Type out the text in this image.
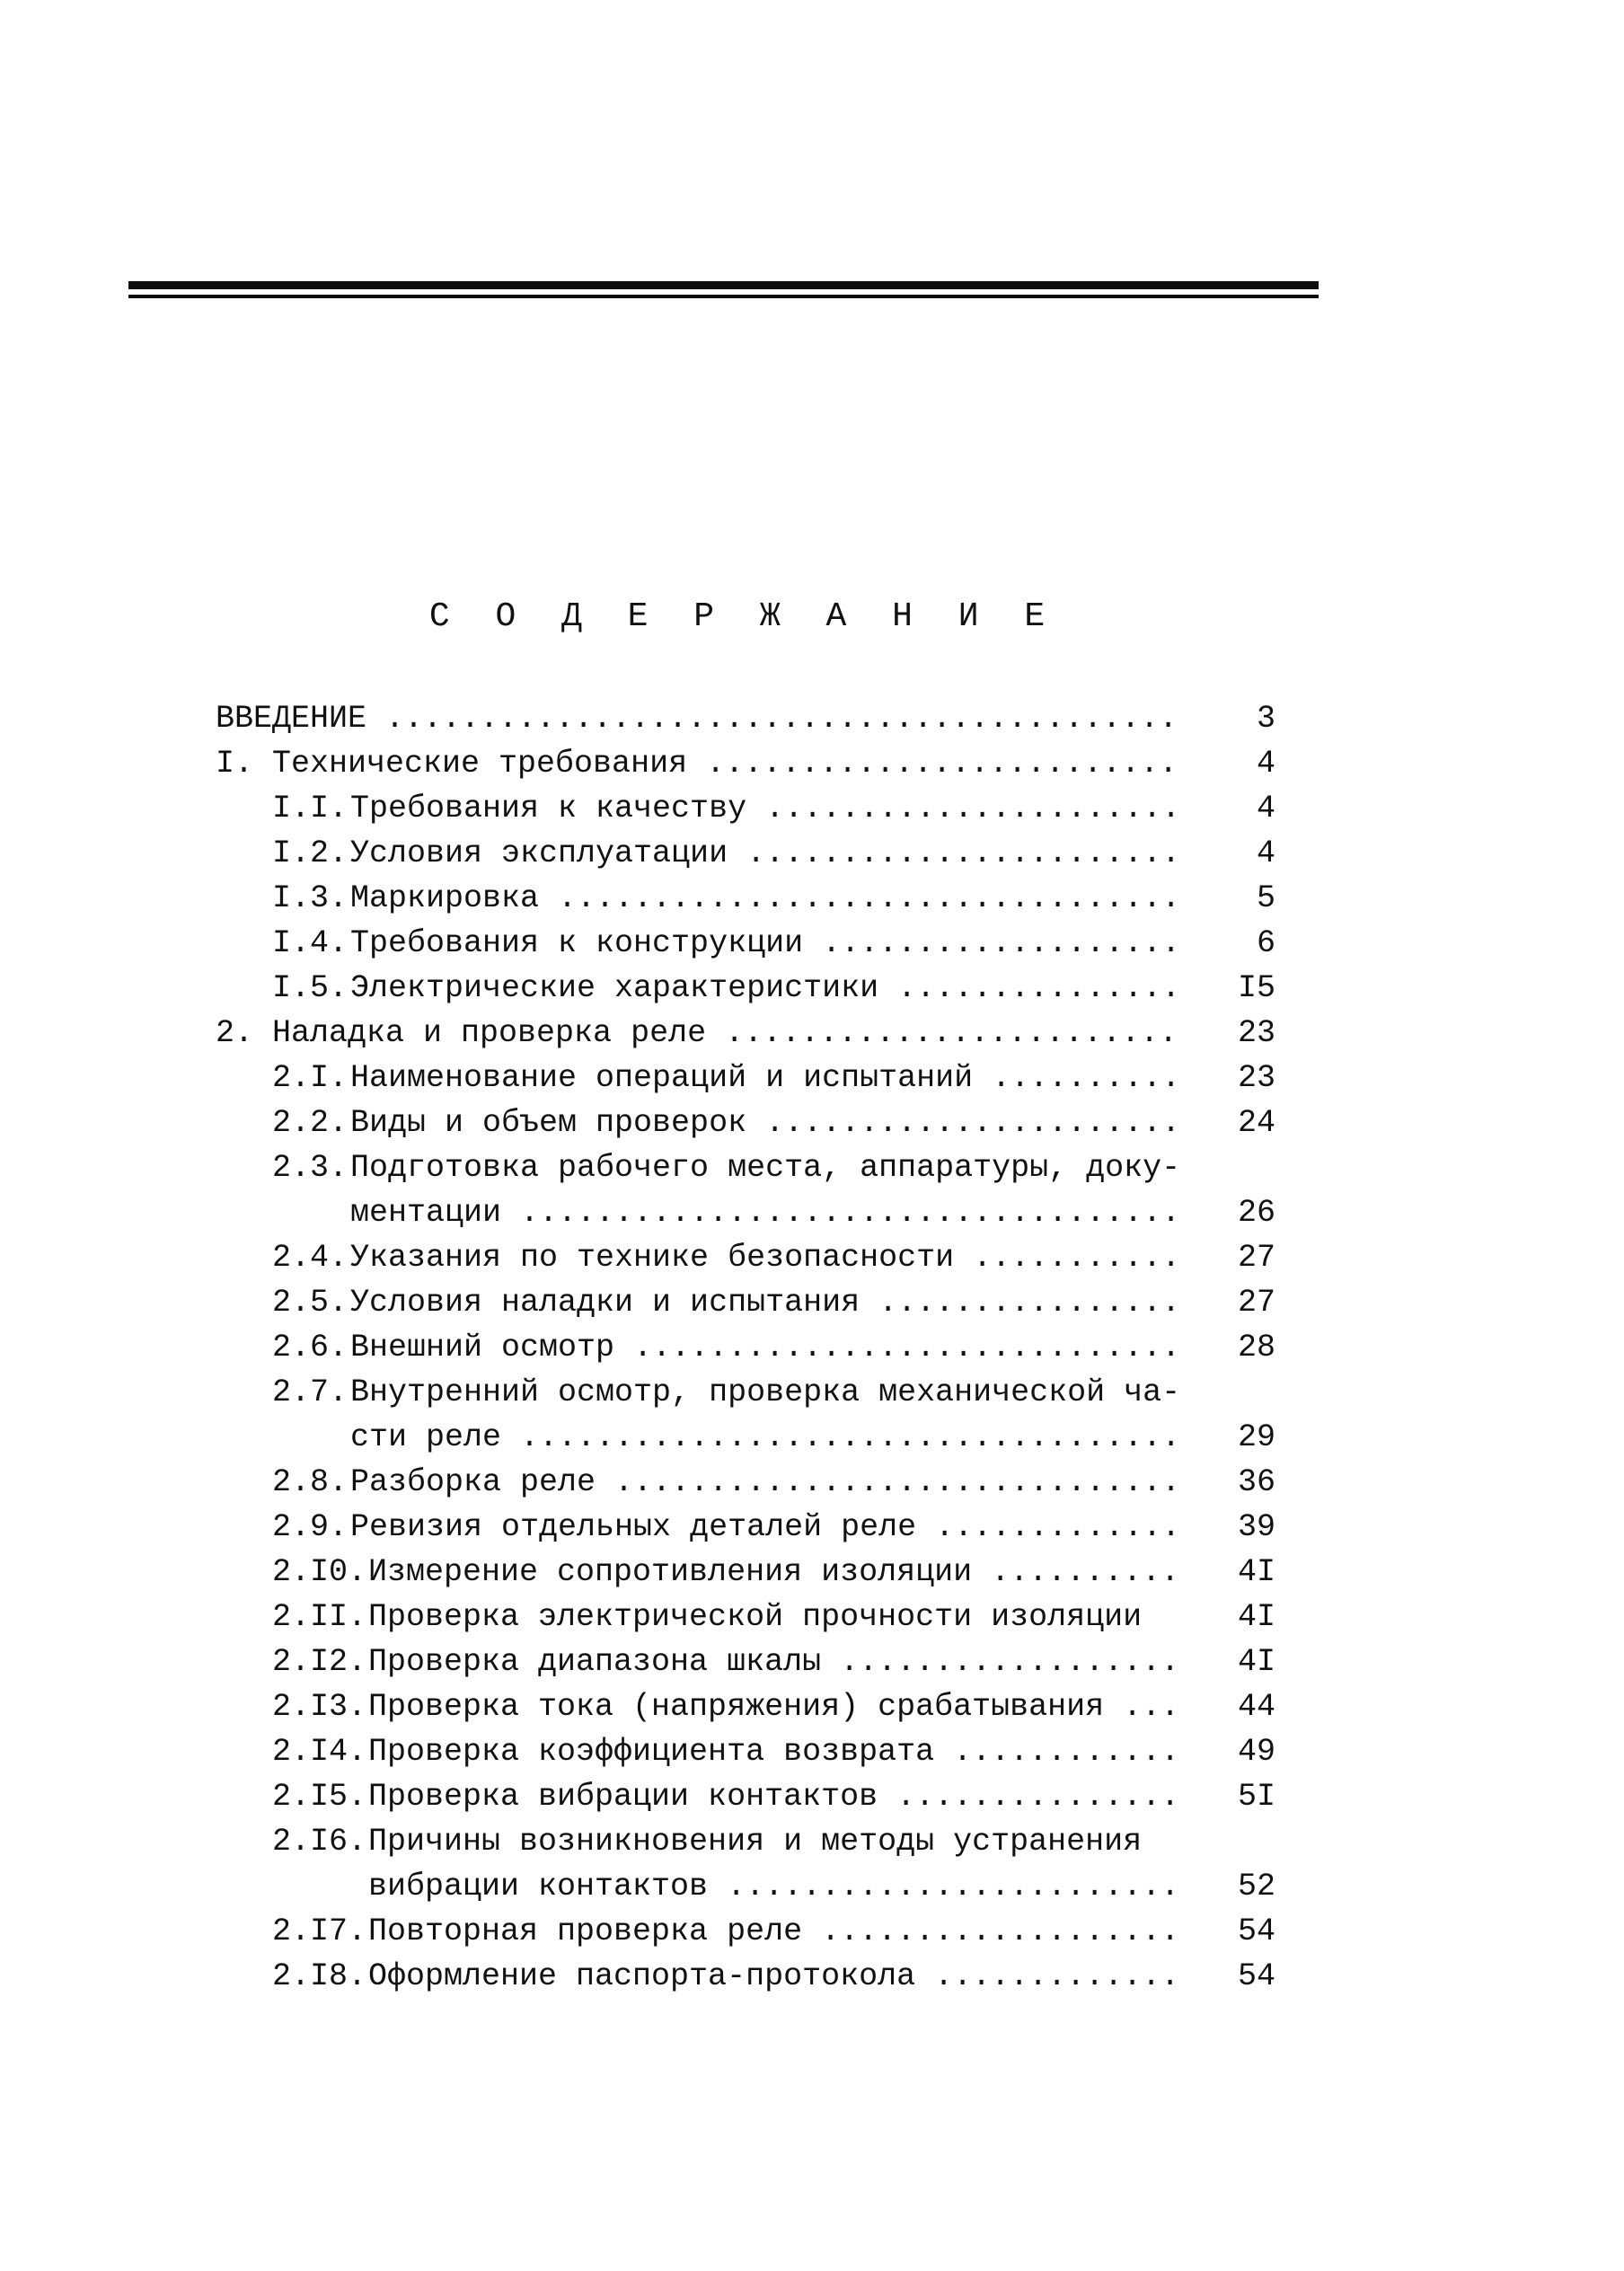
С О Д Е Р Ж А Н И Е
ВВЕДЕНИЕ .....	3
I. Технические требования .....	4
I.I. Требования к качеству .....	4
I.2. Условия эксплуатации .....	4
I.3. Маркировка .....	5
I.4. Требования к конструкции .....	6
I.5. Электрические характеристики .....	I5
2. Наладка и проверка реле .....	23
2.I. Наименование операций и испытаний .....	23
2.2. Виды и объем проверок .....	24
2.3. Подготовка рабочего места, аппаратуры, доку-
ментации .....	26
2.4. Указания по технике безопасности .....	27
2.5. Условия наладки и испытания .....	27
2.6. Внешний осмотр .....	28
2.7. Внутренний осмотр, проверка механической ча-
сти реле .....	29
2.8. Разборка реле .....	36
2.9. Ревизия отдельных деталей реле .....	39
2.I0. Измерение сопротивления изоляции .....	4I
2.II. Проверка электрической прочности изоляции	4I
2.I2. Проверка диапазона шкалы .....	4I
2.I3. Проверка тока (напряжения) срабатывания .....	44
2.I4. Проверка коэффициента возврата .....	49
2.I5. Проверка вибрации контактов .....	5I
2.I6. Причины возникновения и методы устранения
вибрации контактов .....	52
2.I7. Повторная проверка реле .....	54
2.I8. Оформление паспорта-протокола .....	54
